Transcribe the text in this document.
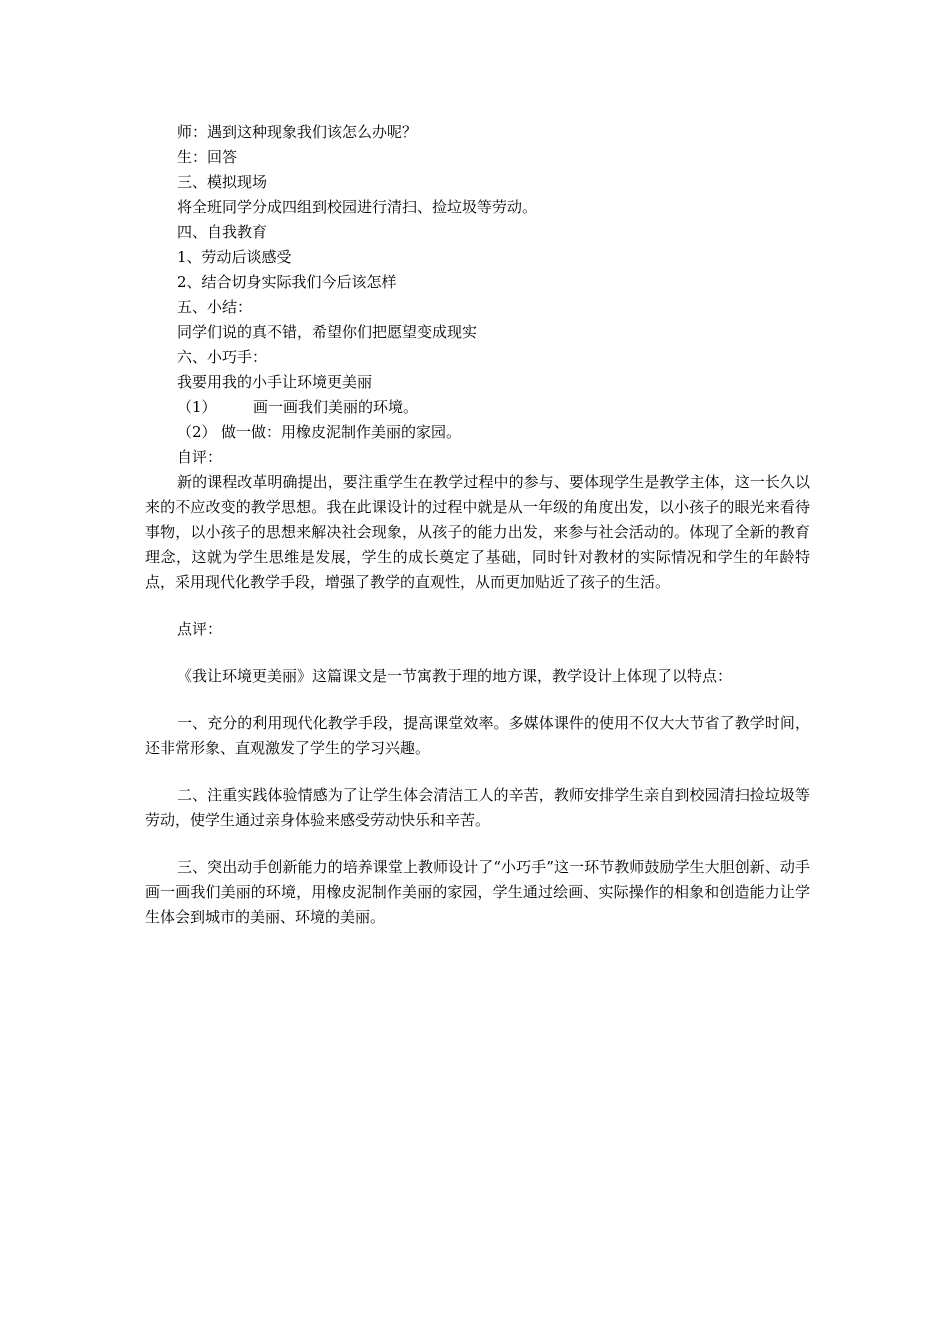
师：遇到这种现象我们该怎么办呢？
生：回答
三、模拟现场
将全班同学分成四组到校园进行清扫、捡垃圾等劳动。
四、自我教育
1、劳动后谈感受
2、结合切身实际我们今后该怎样
五、小结：
同学们说的真不错，希望你们把愿望变成现实
六、小巧手：
我要用我的小手让环境更美丽
（1） 画一画我们美丽的环境。
（2） 做一做：用橡皮泥制作美丽的家园。
自评：
新的课程改革明确提出，要注重学生在教学过程中的参与、要体现学生是教学主体，这一长久以来的不应改变的教学思想。我在此课设计的过程中就是从一年级的角度出发，以小孩子的眼光来看待事物，以小孩子的思想来解决社会现象，从孩子的能力出发，来参与社会活动的。体现了全新的教育理念，这就为学生思维是发展，学生的成长奠定了基础，同时针对教材的实际情况和学生的年龄特点，采用现代化教学手段，增强了教学的直观性，从而更加贴近了孩子的生活。
点评：
《我让环境更美丽》这篇课文是一节寓教于理的地方课，教学设计上体现了以特点：
一、充分的利用现代化教学手段，提高课堂效率。多媒体课件的使用不仅大大节省了教学时间，还非常形象、直观激发了学生的学习兴趣。
二、注重实践体验情感为了让学生体会清洁工人的辛苦，教师安排学生亲自到校园清扫捡垃圾等劳动，使学生通过亲身体验来感受劳动快乐和辛苦。
三、突出动手创新能力的培养课堂上教师设计了“小巧手”这一环节教师鼓励学生大胆创新、动手画一画我们美丽的环境，用橡皮泥制作美丽的家园，学生通过绘画、实际操作的相象和创造能力让学生体会到城市的美丽、环境的美丽。
